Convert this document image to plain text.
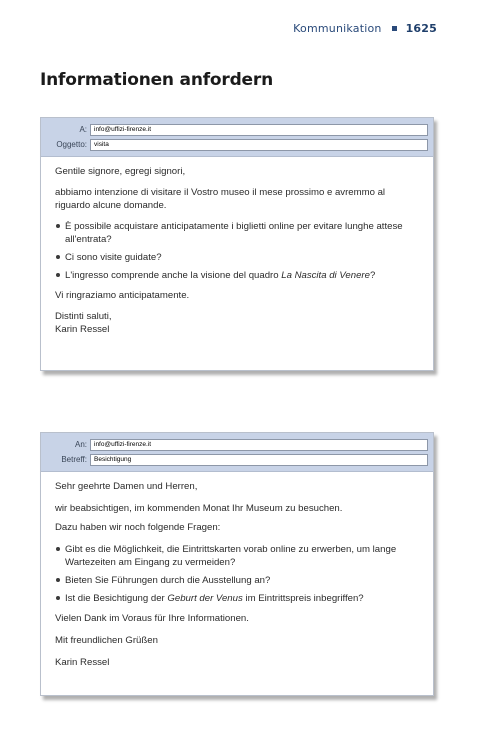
Kommunikation 1625
Informationen anfordern
A:	info@uffizi-firenze.it
Oggetto:	visita

Gentile signore, egregi signori,

abbiamo intenzione di visitare il Vostro museo il mese prossimo e avremmo al riguardo alcune domande.

È possibile acquistare anticipatamente i biglietti online per evitare lunghe attese all'entrata?
Ci sono visite guidate?
L'ingresso comprende anche la visione del quadro La Nascita di Venere?

Vi ringraziamo anticipatamente.

Distinti saluti,

Karin Ressel

An:	info@uffizi-firenze.it
Betreff:	Besichtigung

Sehr geehrte Damen und Herren,

wir beabsichtigen, im kommenden Monat Ihr Museum zu besuchen.

Dazu haben wir noch folgende Fragen:

Gibt es die Möglichkeit, die Eintrittskarten vorab online zu erwerben, um lange Wartezeiten am Eingang zu vermeiden?
Bieten Sie Führungen durch die Ausstellung an?
Ist die Besichtigung der Geburt der Venus im Eintrittspreis inbegriffen?

Vielen Dank im Voraus für Ihre Informationen.

Mit freundlichen Grüßen

Karin Ressel
